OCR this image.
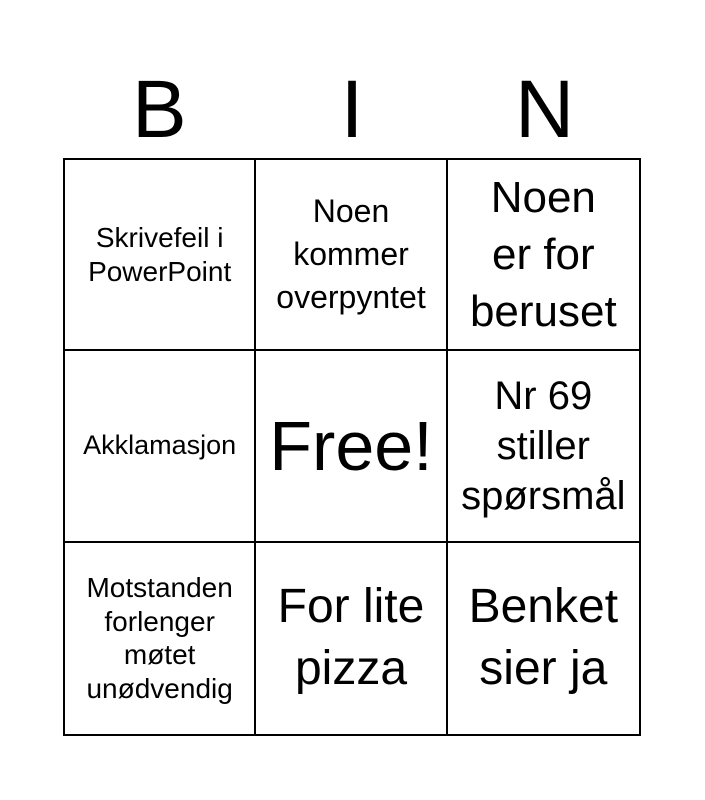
B	I	N
Skrivefeil i
PowerPoint
Noen
kommer
overpyntet
Noen
er for
beruset
Akklamasjon Free!
Nr 69
stiller
spørsmål
Motstanden
forlenger
møtet
unødvendig
For lite
pizza
Benket
sier ja
